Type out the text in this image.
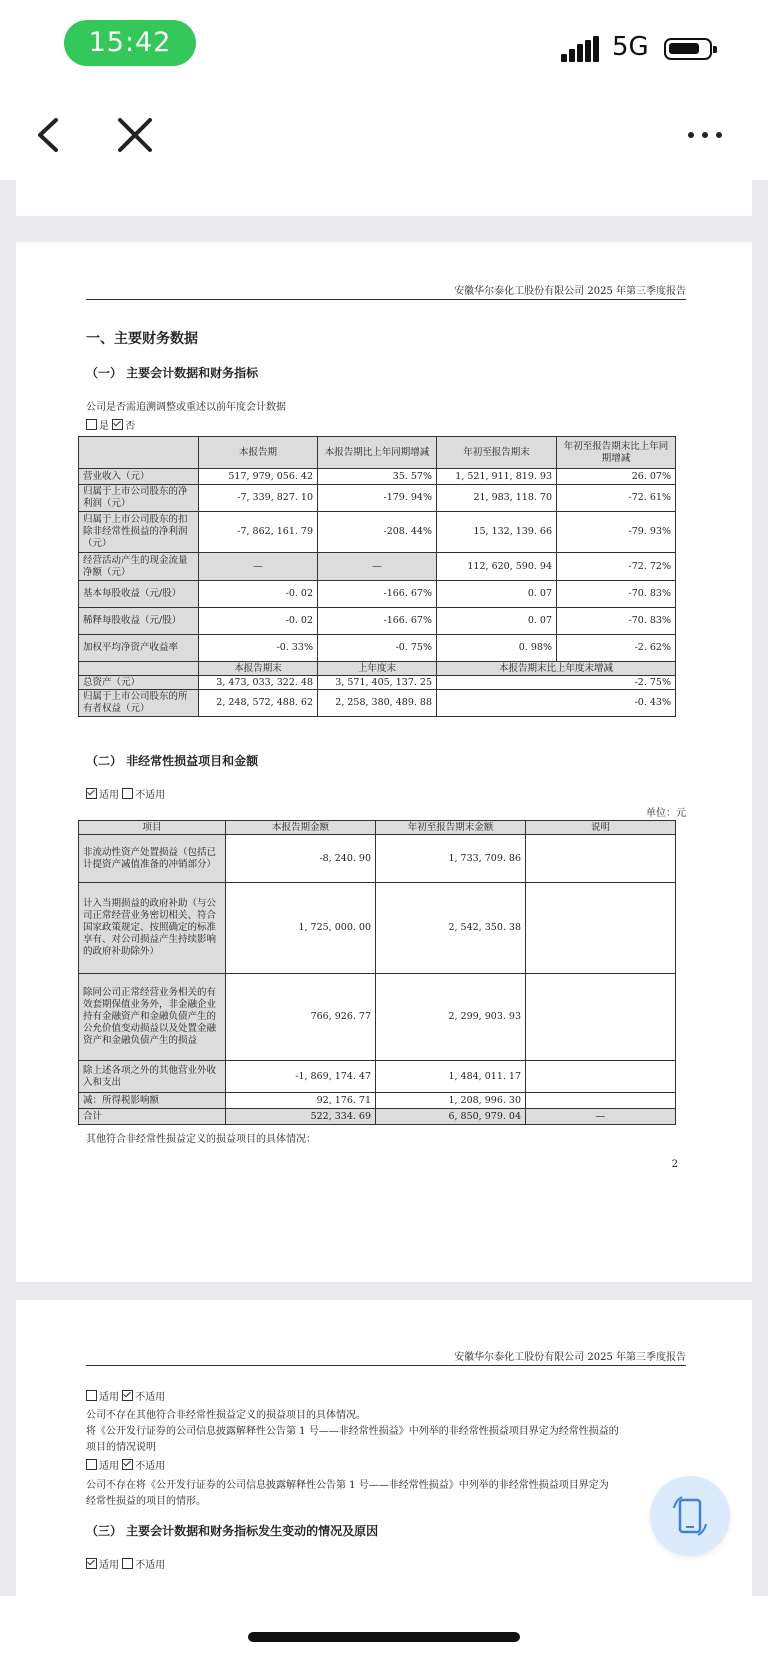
15:42	5G
安徽华尔泰化工股份有限公司 2025 年第三季度报告
一、主要财务数据
（一） 主要会计数据和财务指标
公司是否需追溯调整或重述以前年度会计数据
是 否
	本报告期	本报告期比上年同期增减	年初至报告期末	年初至报告期末比上年同期增减
营业收入（元）	517, 979, 056. 42	35. 57%	1, 521, 911, 819. 93	26. 07%
归属于上市公司股东的净利润（元）	-7, 339, 827. 10	-179. 94%	21, 983, 118. 70	-72. 61%
归属于上市公司股东的扣除非经常性损益的净利润（元）	-7, 862, 161. 79	-208. 44%	15, 132, 139. 66	-79. 93%
经营活动产生的现金流量净额（元）	—	—	112, 620, 590. 94	-72. 72%
基本每股收益（元/股）	-0. 02	-166. 67%	0. 07	-70. 83%
稀释每股收益（元/股）	-0. 02	-166. 67%	0. 07	-70. 83%
加权平均净资产收益率	-0. 33%	-0. 75%	0. 98%	-2. 62%
	本报告期末	上年度末	本报告期末比上年度末增减	
总资产（元）	3, 473, 033, 322. 48	3, 571, 405, 137. 25	-2. 75%	
归属于上市公司股东的所有者权益（元）	2, 248, 572, 488. 62	2, 258, 380, 489. 88	-0. 43%	
（二） 非经常性损益项目和金额
适用 不适用
单位：元
项目	本报告期金额	年初至报告期末金额	说明
非流动性资产处置损益（包括已计提资产减值准备的冲销部分）	-8, 240. 90	1, 733, 709. 86	
计入当期损益的政府补助（与公司正常经营业务密切相关、符合国家政策规定、按照确定的标准享有、对公司损益产生持续影响的政府补助除外）	1, 725, 000. 00	2, 542, 350. 38	
除同公司正常经营业务相关的有效套期保值业务外，非金融企业持有金融资产和金融负债产生的公允价值变动损益以及处置金融资产和金融负债产生的损益	766, 926. 77	2, 299, 903. 93	
除上述各项之外的其他营业外收入和支出	-1, 869, 174. 47	1, 484, 011. 17	
减：所得税影响额	92, 176. 71	1, 208, 996. 30	
合计	522, 334. 69	6, 850, 979. 04	—
其他符合非经常性损益定义的损益项目的具体情况：
2
安徽华尔泰化工股份有限公司 2025 年第三季度报告
适用 不适用
公司不存在其他符合非经常性损益定义的损益项目的具体情况。
将《公开发行证券的公司信息披露解释性公告第 1 号——非经常性损益》中列举的非经常性损益项目界定为经常性损益的
项目的情况说明
适用 不适用
公司不存在将《公开发行证券的公司信息披露解释性公告第 1 号——非经常性损益》中列举的非经常性损益项目界定为
经常性损益的项目的情形。
（三） 主要会计数据和财务指标发生变动的情况及原因
适用 不适用
